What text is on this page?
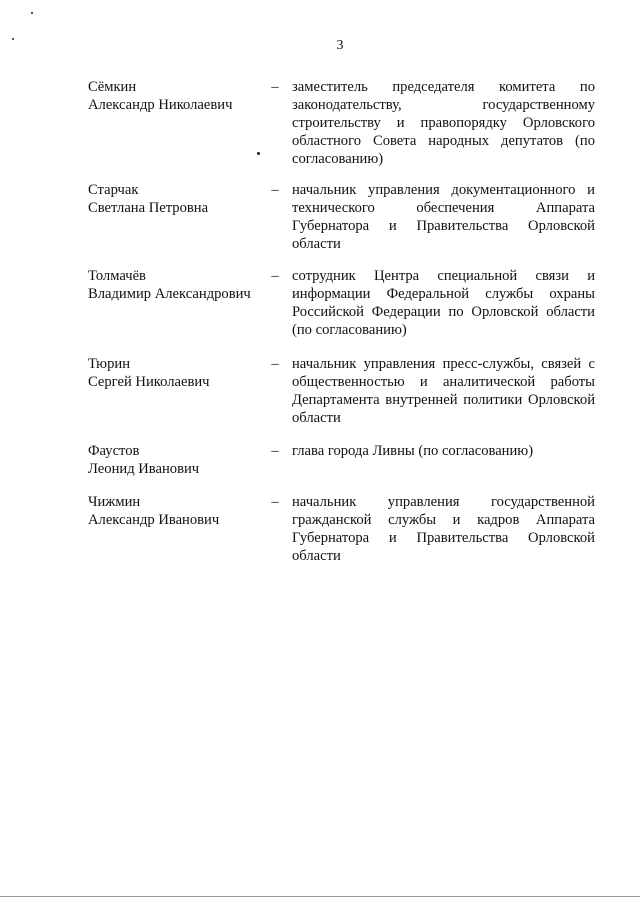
3
Сёмкин
Александр Николаевич
– заместитель председателя комитета по законодательству, государственному строительству и правопорядку Орловского областного Совета народных депутатов (по согласованию)
Старчак
Светлана Петровна
– начальник управления документационного и технического обеспечения Аппарата Губернатора и Правительства Орловской области
Толмачёв
Владимир Александрович
– сотрудник Центра специальной связи и информации Федеральной службы охраны Российской Федерации по Орловской области (по согласованию)
Тюрин
Сергей Николаевич
– начальник управления пресс-службы, связей с общественностью и аналитической работы Департамента внутренней политики Орловской области
Фаустов
Леонид Иванович
– глава города Ливны (по согласованию)
Чижмин
Александр Иванович
– начальник управления государственной гражданской службы и кадров Аппарата Губернатора и Правительства Орловской области
